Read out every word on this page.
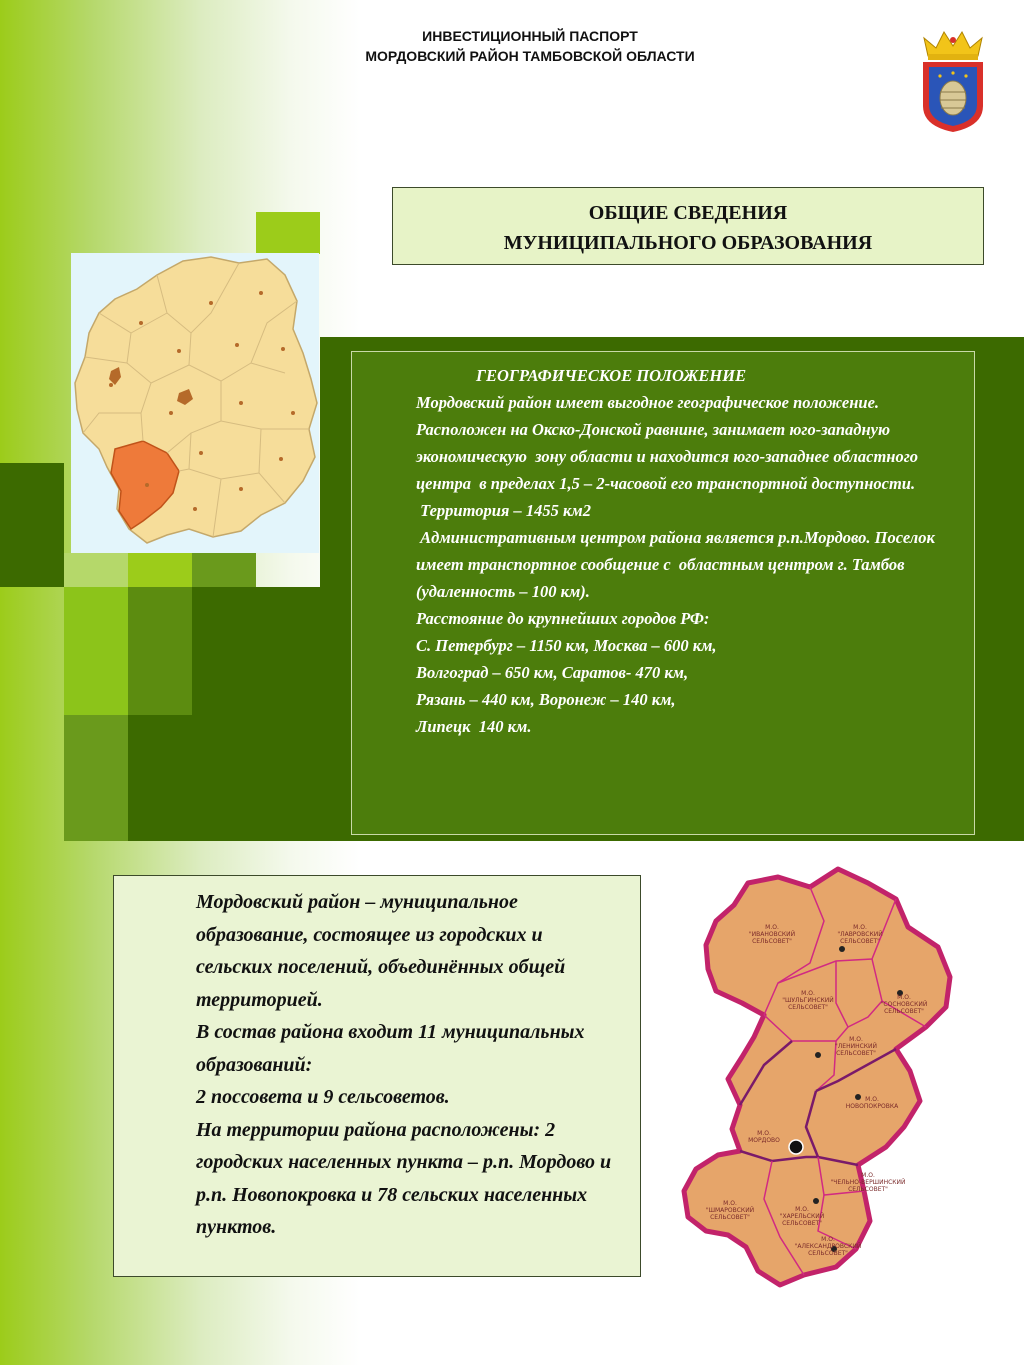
ИНВЕСТИЦИОННЫЙ ПАСПОРТ
МОРДОВСКИЙ РАЙОН ТАМБОВСКОЙ ОБЛАСТИ
ОБЩИЕ СВЕДЕНИЯ
МУНИЦИПАЛЬНОГО ОБРАЗОВАНИЯ
ГЕОГРАФИЧЕСКОЕ ПОЛОЖЕНИЕ

Мордовский район имеет выгодное географическое положение. Расположен на Окско-Донской равнине, занимает юго-западную экономическую  зону области и находится юго-западнее областного центра  в пределах 1,5 – 2-часовой его транспортной доступности.

Территория – 1455 км2

Административным центром района является р.п.Мордово. Поселок имеет транспортное сообщение с  областным центром г. Тамбов (удаленность – 100 км).

Расстояние до крупнейших городов РФ:

С. Петербург – 1150 км, Москва – 600 км,

Волгоград – 650 км, Саратов- 470 км,

Рязань – 440 км, Воронеж – 140 км,

Липецк  140 км.

Мордовский район – муниципальное образование, состоящее из городских и сельских поселений, объединённых общей территорией.

В состав района входит 11 муниципальных образований:

2 поссовета и 9 сельсоветов.

На территории района расположены: 2 городских населенных пункта – р.п. Мордово и р.п. Новопокровка и 78 сельских населенных пунктов.

М.О. "ИВАНОВСКИЙ СЕЛЬСОВЕТ"
М.О. "ЛАВРОВСКИЙ СЕЛЬСОВЕТ"
М.О. "ШУЛЬГИНСКИЙ СЕЛЬСОВЕТ"
М.О. "СОСНОВСКИЙ СЕЛЬСОВЕТ"
М.О. "ЛЕНИНСКИЙ СЕЛЬСОВЕТ"
М.О. НОВОПОКРОВКА
М.О. МОРДОВО
М.О. "ЧЕЛЬНО-ВЕРШИНСКИЙ СЕЛЬСОВЕТ"
М.О. "ШМАРОВСКИЙ СЕЛЬСОВЕТ"
М.О. "ХАРЕЛЬСКИЙ СЕЛЬСОВЕТ"
М.О. "АЛЕКСАНДРОВСКИЙ СЕЛЬСОВЕТ"
